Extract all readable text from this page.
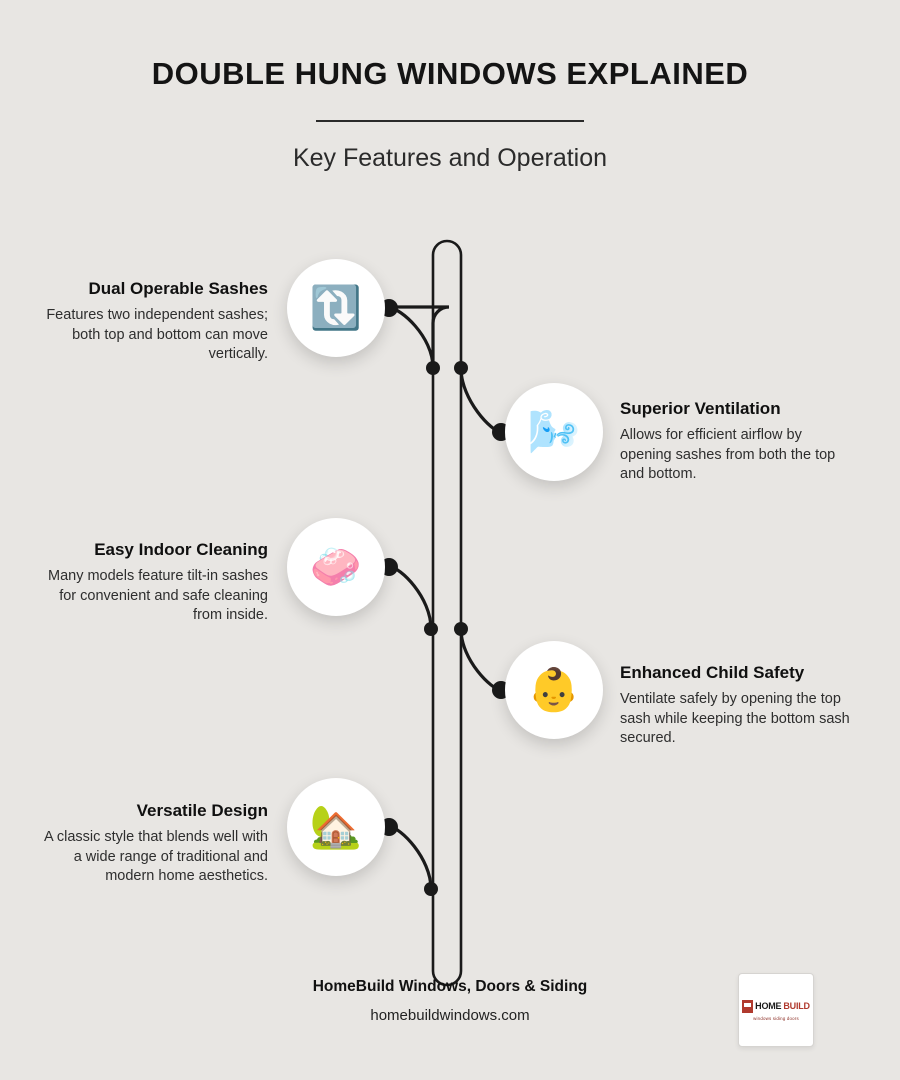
DOUBLE HUNG WINDOWS EXPLAINED

Key Features and Operation

🔃

Dual Operable Sashes

Features two independent sashes; both top and bottom can move vertically.

🌬️ Superior Ventilation

Allows for efficient airflow by opening sashes from both the top and bottom.

🧼

Easy Indoor Cleaning

Many models feature tilt-in sashes for convenient and safe cleaning from inside.

👶 Enhanced Child Safety

Ventilate safely by opening the top sash while keeping the bottom sash secured.

🏡

Versatile Design

A classic style that blends well with a wide range of traditional and modern home aesthetics.

HomeBuild Windows, Doors & Siding

homebuildwindows.com

HOME BUILD
windows siding doors
